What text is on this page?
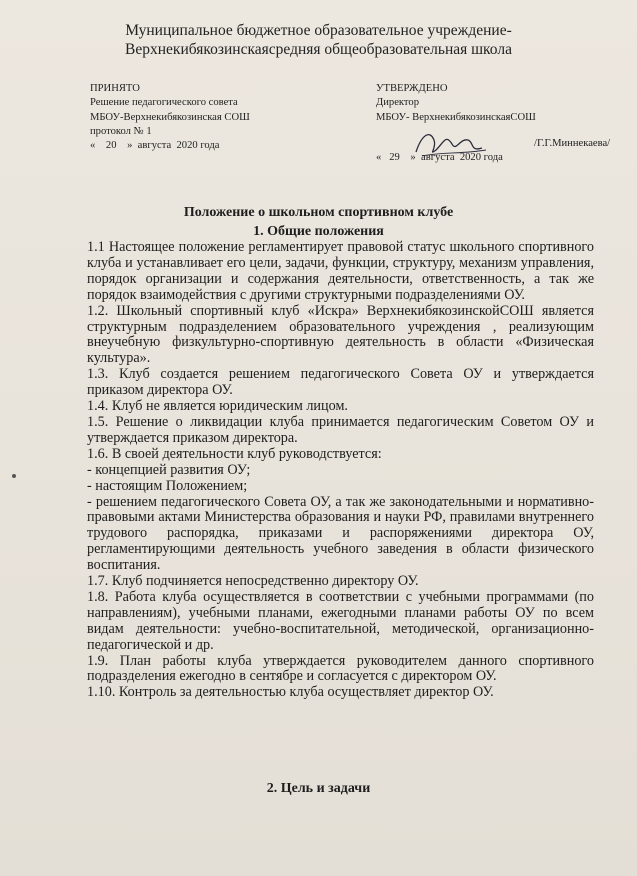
Муниципальное бюджетное образовательное учреждение-
Верхнекибякозинскаясредняя общеобразовательная школа
ПРИНЯТО
Решение педагогического совета
МБОУ-Верхнекибякозинская СОШ
протокол № 1
«    20    »  августа  2020 года
УТВЕРЖДЕНО
Директор
МБОУ- ВерхнекибякозинскаяСОШ
/Г.Г.Миннекаева/
«   29    »  августа  2020 года
Положение о школьном спортивном клубе
1. Общие положения

1.1 Настоящее положение регламентирует правовой статус школьного спортивного клуба и устанавливает его цели, задачи, функции, структуру, механизм управления, порядок организации и содержания деятельности, ответственность, а так же порядок взаимодействия с другими структурными подразделениями ОУ.

1.2. Школьный спортивный клуб «Искра» ВерхнекибякозинскойСОШ является структурным подразделением образовательного учреждения , реализующим внеучебную физкультурно-спортивную деятельность в области «Физическая культура».

1.3. Клуб создается решением педагогического Совета ОУ и утверждается приказом директора ОУ.

1.4. Клуб не является юридическим лицом.

1.5. Решение о ликвидации клуба принимается педагогическим Советом ОУ и утверждается приказом директора.

1.6. В своей деятельности клуб руководствуется:

- концепцией развития ОУ;

- настоящим Положением;

- решением педагогического Совета ОУ, а так же законодательными и нормативно-правовыми актами Министерства образования и науки РФ, правилами внутреннего трудового распорядка, приказами и распоряжениями директора ОУ, регламентирующими деятельность учебного заведения в области физического воспитания.

1.7. Клуб подчиняется непосредственно директору ОУ.

1.8. Работа клуба осуществляется в соответствии с учебными программами (по направлениям), учебными планами, ежегодными планами работы ОУ по всем видам деятельности: учебно-воспитательной, методической, организационно-педагогической и др.

1.9. План работы клуба утверждается руководителем данного спортивного подразделения ежегодно в сентябре и согласуется с директором ОУ.

1.10. Контроль за деятельностью клуба осуществляет директор ОУ.

2. Цель и задачи
